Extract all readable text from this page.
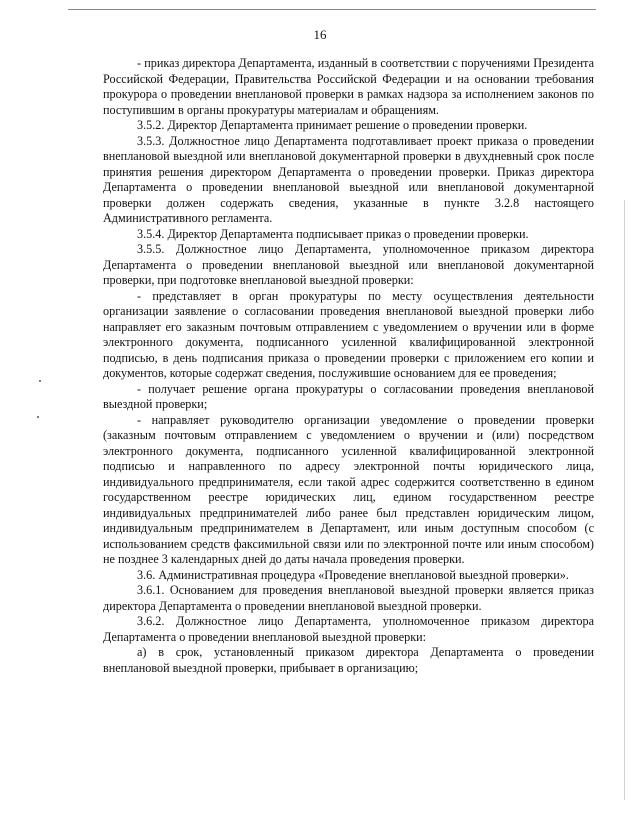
16

- приказ директора Департамента, изданный в соответствии с поручениями Президента Российской Федерации, Правительства Российской Федерации и на основании требования прокурора о проведении внеплановой проверки в рамках надзора за исполнением законов по поступившим в органы прокуратуры материалам и обращениям.

3.5.2. Директор Департамента принимает решение о проведении проверки.

3.5.3. Должностное лицо Департамента подготавливает проект приказа о проведении внеплановой выездной или внеплановой документарной проверки в двухдневный срок после принятия решения директором Департамента о проведении проверки. Приказ директора Департамента о проведении внеплановой выездной или внеплановой документарной проверки должен содержать сведения, указанные в пункте 3.2.8 настоящего Административного регламента.

3.5.4. Директор Департамента подписывает приказ о проведении проверки.

3.5.5. Должностное лицо Департамента, уполномоченное приказом директора Департамента о проведении внеплановой выездной или внеплановой документарной проверки, при подготовке внеплановой выездной проверки:

- представляет в орган прокуратуры по месту осуществления деятельности организации заявление о согласовании проведения внеплановой выездной проверки либо направляет его заказным почтовым отправлением с уведомлением о вручении или в форме электронного документа, подписанного усиленной квалифицированной электронной подписью, в день подписания приказа о проведении проверки с приложением его копии и документов, которые содержат сведения, послужившие основанием для ее проведения;

- получает решение органа прокуратуры о согласовании проведения внеплановой выездной проверки;

- направляет руководителю организации уведомление о проведении проверки (заказным почтовым отправлением с уведомлением о вручении и (или) посредством электронного документа, подписанного усиленной квалифицированной электронной подписью и направленного по адресу электронной почты юридического лица, индивидуального предпринимателя, если такой адрес содержится соответственно в едином государственном реестре юридических лиц, едином государственном реестре индивидуальных предпринимателей либо ранее был представлен юридическим лицом, индивидуальным предпринимателем в Департамент, или иным доступным способом (с использованием средств факсимильной связи или по электронной почте или иным способом) не позднее 3 календарных дней до даты начала проведения проверки.

3.6. Административная процедура «Проведение внеплановой выездной проверки».

3.6.1. Основанием для проведения внеплановой выездной проверки является приказ директора Департамента о проведении внеплановой выездной проверки.

3.6.2. Должностное лицо Департамента, уполномоченное приказом директора Департамента о проведении внеплановой выездной проверки:

а) в срок, установленный приказом директора Департамента о проведении внеплановой выездной проверки, прибывает в организацию;
